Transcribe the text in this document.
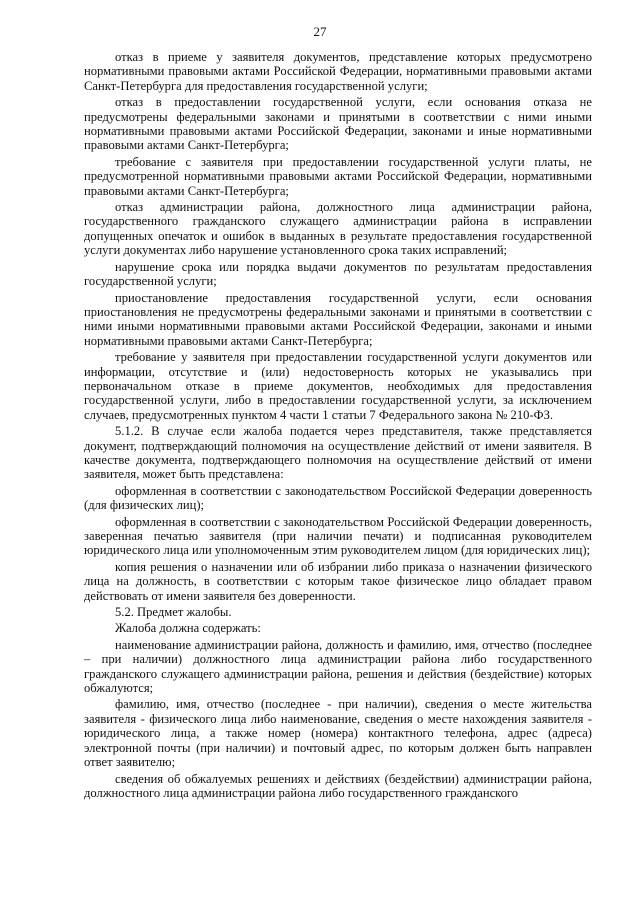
27

отказ в приеме у заявителя документов, представление которых предусмотрено нормативными правовыми актами Российской Федерации, нормативными правовыми актами Санкт-Петербурга для предоставления государственной услуги;

отказ в предоставлении государственной услуги, если основания отказа не предусмотрены федеральными законами и принятыми в соответствии с ними иными нормативными правовыми актами Российской Федерации, законами и иные нормативными правовыми актами Санкт-Петербурга;

требование с заявителя при предоставлении государственной услуги платы, не предусмотренной нормативными правовыми актами Российской Федерации, нормативными правовыми актами Санкт-Петербурга;

отказ администрации района, должностного лица администрации района, государственного гражданского служащего администрации района в исправлении допущенных опечаток и ошибок в выданных в результате предоставления государственной услуги документах либо нарушение установленного срока таких исправлений;

нарушение срока или порядка выдачи документов по результатам предоставления государственной услуги;

приостановление предоставления государственной услуги, если основания приостановления не предусмотрены федеральными законами и принятыми в соответствии с ними иными нормативными правовыми актами Российской Федерации, законами и иными нормативными правовыми актами Санкт-Петербурга;

требование у заявителя при предоставлении государственной услуги документов или информации, отсутствие и (или) недостоверность которых не указывались при первоначальном отказе в приеме документов, необходимых для предоставления государственной услуги, либо в предоставлении государственной услуги, за исключением случаев, предусмотренных пунктом 4 части 1 статьи 7 Федерального закона № 210-ФЗ.

5.1.2. В случае если жалоба подается через представителя, также представляется документ, подтверждающий полномочия на осуществление действий от имени заявителя. В качестве документа, подтверждающего полномочия на осуществление действий от имени заявителя, может быть представлена:

оформленная в соответствии с законодательством Российской Федерации доверенность (для физических лиц);

оформленная в соответствии с законодательством Российской Федерации доверенность, заверенная печатью заявителя (при наличии печати) и подписанная руководителем юридического лица или уполномоченным этим руководителем лицом (для юридических лиц);

копия решения о назначении или об избрании либо приказа о назначении физического лица на должность, в соответствии с которым такое физическое лицо обладает правом действовать от имени заявителя без доверенности.

5.2. Предмет жалобы.

Жалоба должна содержать:

наименование администрации района, должность и фамилию, имя, отчество (последнее – при наличии) должностного лица администрации района либо государственного гражданского служащего администрации района, решения и действия (бездействие) которых обжалуются;

фамилию, имя, отчество (последнее - при наличии), сведения о месте жительства заявителя - физического лица либо наименование, сведения о месте нахождения заявителя - юридического лица, а также номер (номера) контактного телефона, адрес (адреса) электронной почты (при наличии) и почтовый адрес, по которым должен быть направлен ответ заявителю;

сведения об обжалуемых решениях и действиях (бездействии) администрации района, должностного лица администрации района либо государственного гражданского
